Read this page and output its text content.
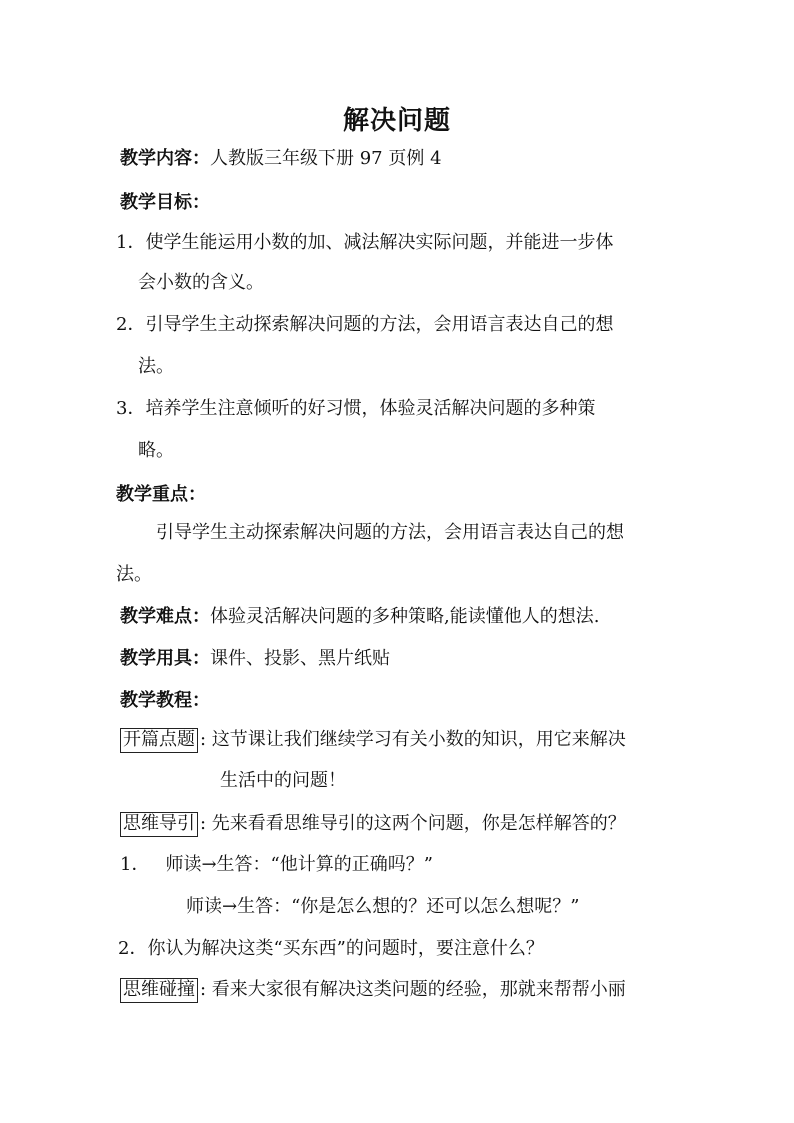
解决问题
教学内容：人教版三年级下册 97 页例 4
教学目标：
1．使学生能运用小数的加、减法解决实际问题，并能进一步体
会小数的含义。
2．引导学生主动探索解决问题的方法，会用语言表达自己的想
法。
3．培养学生注意倾听的好习惯，体验灵活解决问题的多种策
略。
教学重点：
引导学生主动探索解决问题的方法，会用语言表达自己的想
法。
教学难点：体验灵活解决问题的多种策略,能读懂他人的想法.
教学用具：课件、投影、黑片纸贴
教学教程：
开篇点题 : 这节课让我们继续学习有关小数的知识，用它来解决
生活中的问题！
思维导引 : 先来看看思维导引的这两个问题，你是怎样解答的？
1． 师读→生答：“他计算的正确吗？”
师读→生答：“你是怎么想的？还可以怎么想呢？”
2．你认为解决这类“买东西”的问题时，要注意什么？
思维碰撞 : 看来大家很有解决这类问题的经验，那就来帮帮小丽
